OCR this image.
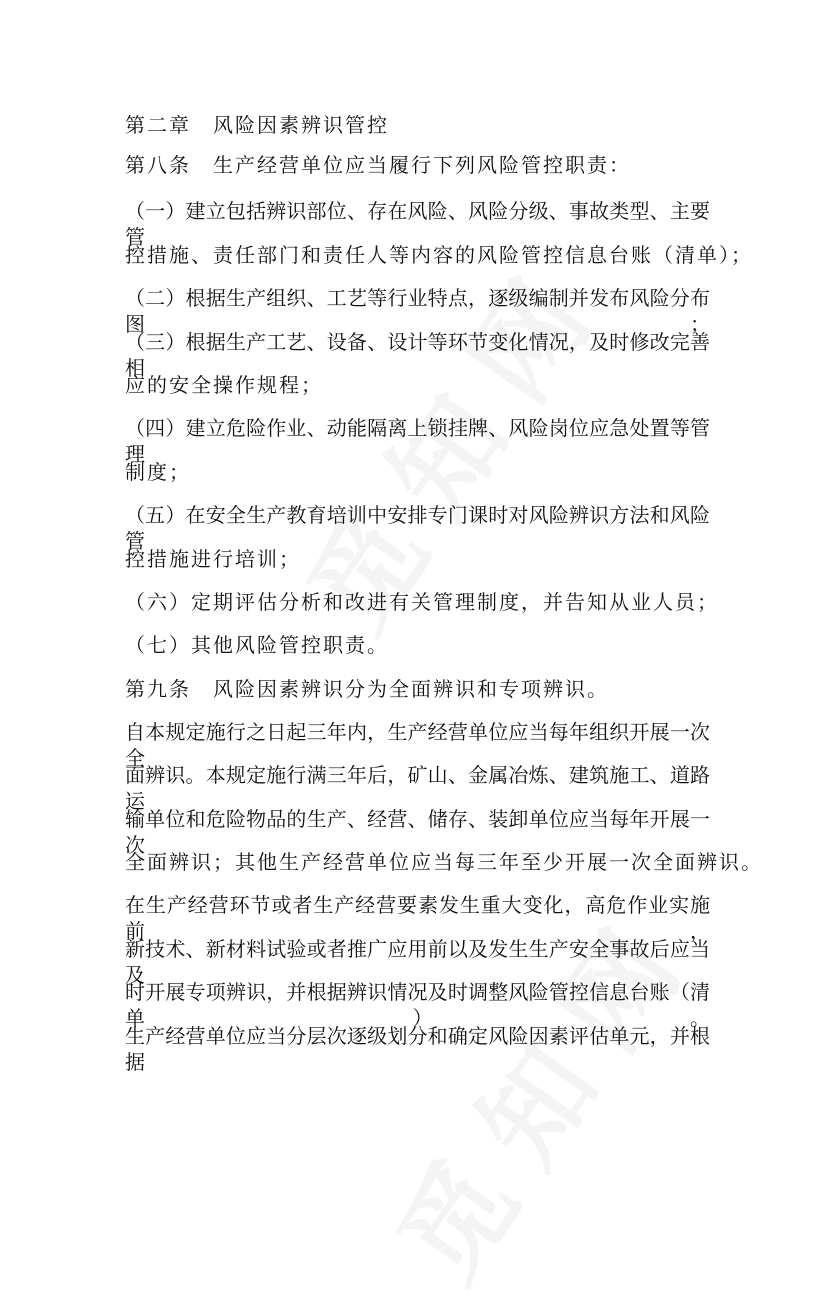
第二章　风险因素辨识管控
第八条　生产经营单位应当履行下列风险管控职责：
（一）建立包括辨识部位、存在风险、风险分级、事故类型、主要管
控措施、责任部门和责任人等内容的风险管控信息台账（清单）；
（二）根据生产组织、工艺等行业特点，逐级编制并发布风险分布图；
（三）根据生产工艺、设备、设计等环节变化情况，及时修改完善相
应的安全操作规程；
（四）建立危险作业、动能隔离上锁挂牌、风险岗位应急处置等管理
制度；
（五）在安全生产教育培训中安排专门课时对风险辨识方法和风险管
控措施进行培训；
（六）定期评估分析和改进有关管理制度，并告知从业人员；
（七）其他风险管控职责。
第九条　风险因素辨识分为全面辨识和专项辨识。
自本规定施行之日起三年内，生产经营单位应当每年组织开展一次全
面辨识。本规定施行满三年后，矿山、金属冶炼、建筑施工、道路运
输单位和危险物品的生产、经营、储存、装卸单位应当每年开展一次
全面辨识；其他生产经营单位应当每三年至少开展一次全面辨识。
在生产经营环节或者生产经营要素发生重大变化，高危作业实施前，
新技术、新材料试验或者推广应用前以及发生生产安全事故后应当及
时开展专项辨识，并根据辨识情况及时调整风险管控信息台账（清单）。
生产经营单位应当分层次逐级划分和确定风险因素评估单元，并根据
